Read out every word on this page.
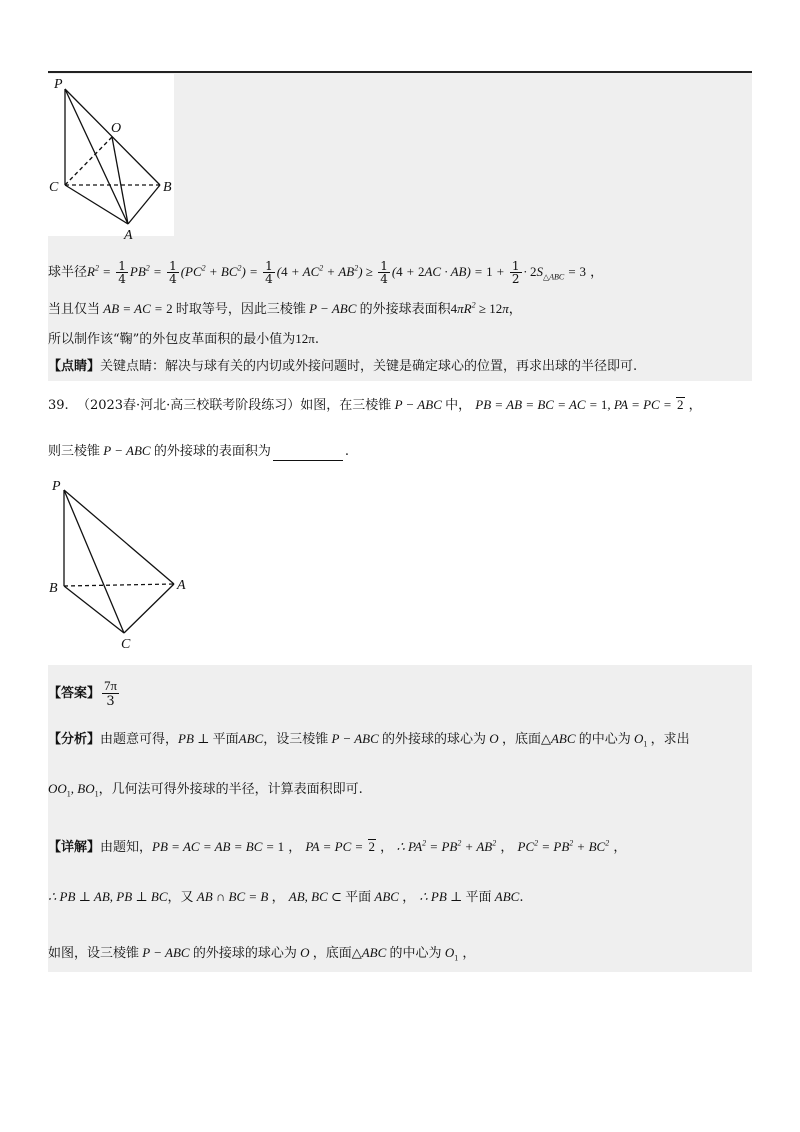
P
O
C	B
A
球半径$R^2 = \frac{1}{4} PB^2 = \frac{1}{4} (PC^2 + BC^2) = \frac{1}{4} (4 + AC^2 + AB^2) \ge \frac{1}{4} (4 + 2AC \cdot AB) = 1 + \frac{1}{2} \cdot 2S_{\triangle ABC} = 3$ ，
当且仅当 AB = AC = 2 时取等号，因此三棱锥 P − ABC 的外接球表面积$4\pi R^2 \ge 12\pi$，
所以制作该“鞠”的外包皮革面积的最小值为12π.
【点睛】关键点睛：解决与球有关的内切或外接问题时，关键是确定球心的位置，再求出球的半径即可.
39. （2023春·河北·高三校联考阶段练习）如图，在三棱锥 P − ABC 中， PB = AB = BC = AC = 1, PA = PC = 2 ，
则三棱锥 P − ABC 的外接球的表面积为	.
P
B	A
C
【答案】 $\frac{7\pi}{3}$
【分析】由题意可得，PB ⊥ 平面ABC，设三棱锥 P − ABC 的外接球的球心为 O ，底面△ABC 的中心为 $O_1$ ，求出
$OO_1$, $BO_1$，几何法可得外接球的半径，计算表面积即可.
【详解】由题知，PB = AC = AB = BC = 1 ， PA = PC = 2 ， ∴ $PA^2 = PB^2 + AB^2$ ， $PC^2 = PB^2 + BC^2$ ，
∴ PB ⊥ AB, PB ⊥ BC，又 AB ∩ BC = B ， AB, BC ⊂ 平面 ABC ， ∴ PB ⊥ 平面 ABC.
如图，设三棱锥 P − ABC 的外接球的球心为 O ，底面△ABC 的中心为 $O_1$ ，
